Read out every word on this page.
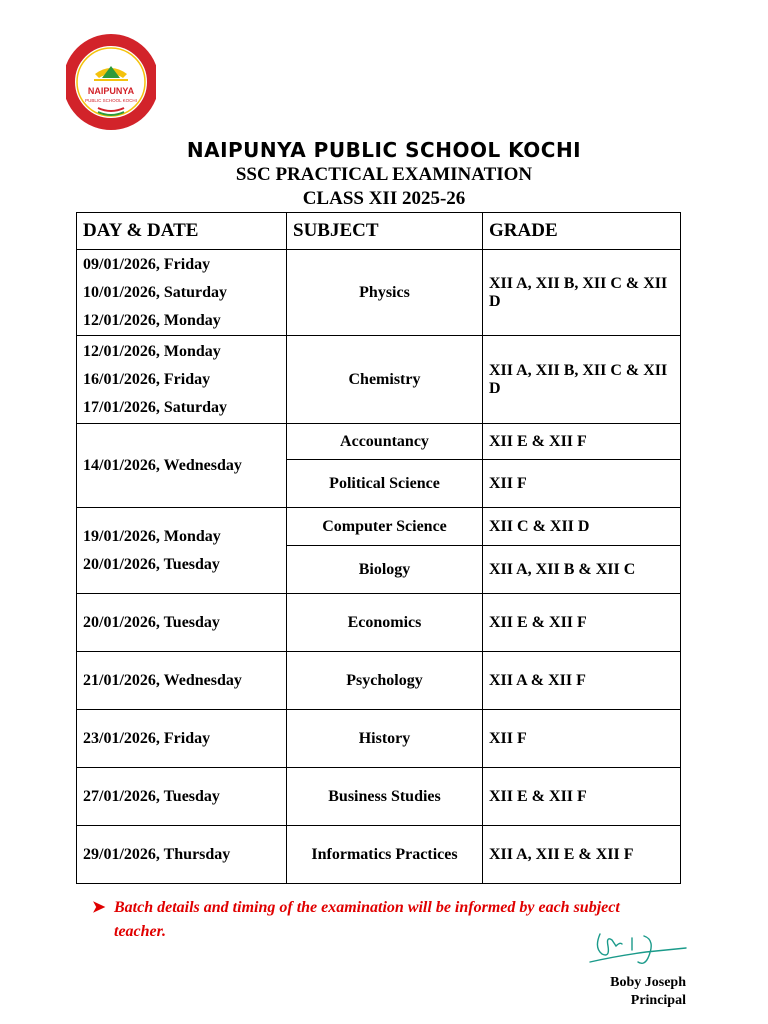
NAIPUNYA
PUBLIC SCHOOL KOCHI
NAIPUNYA PUBLIC SCHOOL KOCHI
SSC PRACTICAL EXAMINATION
CLASS XII 2025-26
DAY & DATE	SUBJECT	GRADE

09/01/2026, Friday
10/01/2026, Saturday
12/01/2026, Monday	Physics	XII A, XII B, XII C & XII D

12/01/2026, Monday
16/01/2026, Friday
17/01/2026, Saturday	Chemistry	XII A, XII B, XII C & XII D
14/01/2026, Wednesday	Accountancy	XII E & XII F
	Political Science	XII F

19/01/2026, Monday
20/01/2026, Tuesday	Computer Science	XII C & XII D
	Biology	XII A, XII B & XII C
20/01/2026, Tuesday	Economics	XII E & XII F
21/01/2026, Wednesday	Psychology	XII A & XII F
23/01/2026, Friday	History	XII F
27/01/2026, Tuesday	Business Studies	XII E & XII F
29/01/2026, Thursday	Informatics Practices	XII A, XII E & XII F
➤ Batch details and timing of the examination will be informed by each subject teacher.
Boby Joseph
Principal
